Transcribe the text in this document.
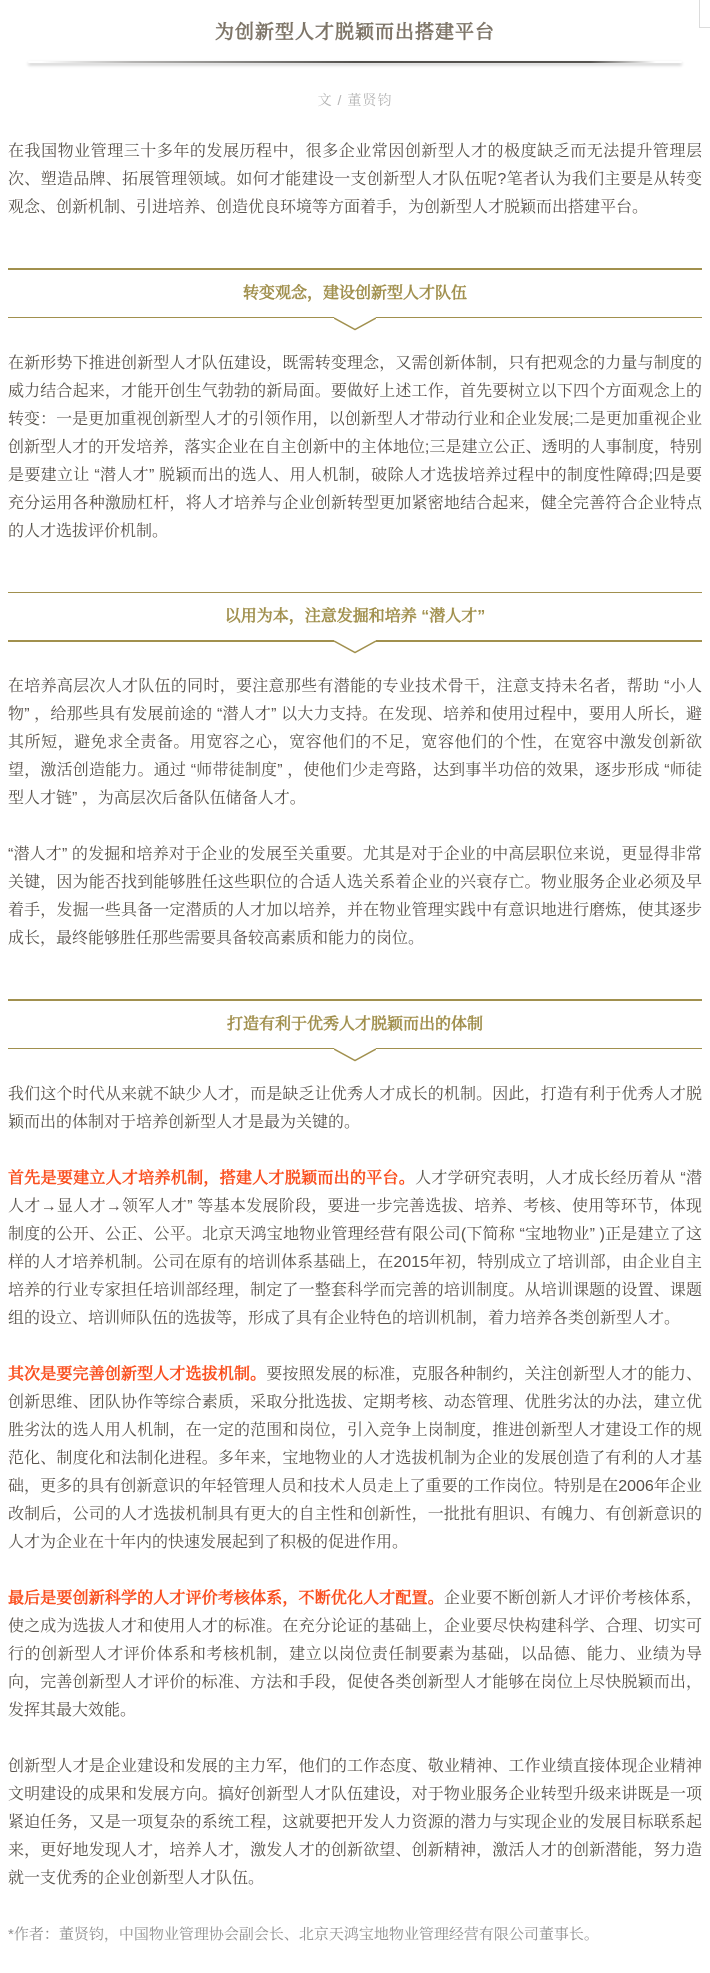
为创新型人才脱颖而出搭建平台
文 / 董贤钧

在我国物业管理三十多年的发展历程中，很多企业常因创新型人才的极度缺乏而无法提升管理层次、塑造品牌、拓展管理领域。如何才能建设一支创新型人才队伍呢?笔者认为我们主要是从转变观念、创新机制、引进培养、创造优良环境等方面着手，为创新型人才脱颖而出搭建平台。

转变观念，建设创新型人才队伍

在新形势下推进创新型人才队伍建设，既需转变理念，又需创新体制，只有把观念的力量与制度的威力结合起来，才能开创生气勃勃的新局面。要做好上述工作，首先要树立以下四个方面观念上的转变：一是更加重视创新型人才的引领作用，以创新型人才带动行业和企业发展;二是更加重视企业创新型人才的开发培养，落实企业在自主创新中的主体地位;三是建立公正、透明的人事制度，特别是要建立让 “潜人才” 脱颖而出的选人、用人机制，破除人才选拔培养过程中的制度性障碍;四是要充分运用各种激励杠杆，将人才培养与企业创新转型更加紧密地结合起来，健全完善符合企业特点的人才选拔评价机制。

以用为本，注意发掘和培养 “潜人才”

在培养高层次人才队伍的同时，要注意那些有潜能的专业技术骨干，注意支持未名者，帮助 “小人物” ，给那些具有发展前途的 “潜人才” 以大力支持。在发现、培养和使用过程中，要用人所长，避其所短，避免求全责备。用宽容之心，宽容他们的不足，宽容他们的个性，在宽容中激发创新欲望，激活创造能力。通过 “师带徒制度” ，使他们少走弯路，达到事半功倍的效果，逐步形成 “师徒型人才链” ，为高层次后备队伍储备人才。

“潜人才” 的发掘和培养对于企业的发展至关重要。尤其是对于企业的中高层职位来说，更显得非常关键，因为能否找到能够胜任这些职位的合适人选关系着企业的兴衰存亡。物业服务企业必须及早着手，发掘一些具备一定潜质的人才加以培养，并在物业管理实践中有意识地进行磨炼，使其逐步成长，最终能够胜任那些需要具备较高素质和能力的岗位。

打造有利于优秀人才脱颖而出的体制

我们这个时代从来就不缺少人才，而是缺乏让优秀人才成长的机制。因此，打造有利于优秀人才脱颖而出的体制对于培养创新型人才是最为关键的。

首先是要建立人才培养机制，搭建人才脱颖而出的平台。人才学研究表明，人才成长经历着从 “潜人才→显人才→领军人才” 等基本发展阶段，要进一步完善选拔、培养、考核、使用等环节，体现制度的公开、公正、公平。北京天鸿宝地物业管理经营有限公司(下简称 “宝地物业” )正是建立了这样的人才培养机制。公司在原有的培训体系基础上，在2015年初，特别成立了培训部，由企业自主培养的行业专家担任培训部经理，制定了一整套科学而完善的培训制度。从培训课题的设置、课题组的设立、培训师队伍的选拔等，形成了具有企业特色的培训机制，着力培养各类创新型人才。

其次是要完善创新型人才选拔机制。要按照发展的标准，克服各种制约，关注创新型人才的能力、创新思维、团队协作等综合素质，采取分批选拔、定期考核、动态管理、优胜劣汰的办法，建立优胜劣汰的选人用人机制，在一定的范围和岗位，引入竞争上岗制度，推进创新型人才建设工作的规范化、制度化和法制化进程。多年来，宝地物业的人才选拔机制为企业的发展创造了有利的人才基础，更多的具有创新意识的年轻管理人员和技术人员走上了重要的工作岗位。特别是在2006年企业改制后，公司的人才选拔机制具有更大的自主性和创新性，一批批有胆识、有魄力、有创新意识的人才为企业在十年内的快速发展起到了积极的促进作用。

最后是要创新科学的人才评价考核体系，不断优化人才配置。企业要不断创新人才评价考核体系，使之成为选拔人才和使用人才的标准。在充分论证的基础上，企业要尽快构建科学、合理、切实可行的创新型人才评价体系和考核机制，建立以岗位责任制要素为基础，以品德、能力、业绩为导向，完善创新型人才评价的标准、方法和手段，促使各类创新型人才能够在岗位上尽快脱颖而出，发挥其最大效能。

创新型人才是企业建设和发展的主力军，他们的工作态度、敬业精神、工作业绩直接体现企业精神文明建设的成果和发展方向。搞好创新型人才队伍建设，对于物业服务企业转型升级来讲既是一项紧迫任务，又是一项复杂的系统工程，这就要把开发人力资源的潜力与实现企业的发展目标联系起来，更好地发现人才，培养人才，激发人才的创新欲望、创新精神，激活人才的创新潜能，努力造就一支优秀的企业创新型人才队伍。

*作者：董贤钧，中国物业管理协会副会长、北京天鸿宝地物业管理经营有限公司董事长。
